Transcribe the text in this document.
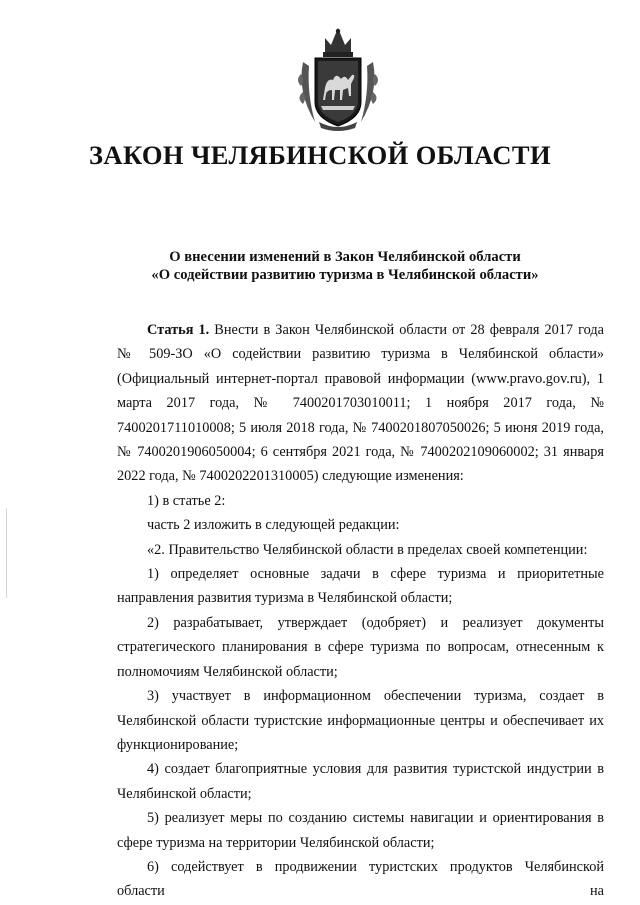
ЗАКОН ЧЕЛЯБИНСКОЙ ОБЛАСТИ
О внесении изменений в Закон Челябинской области
«О содействии развитию туризма в Челябинской области»

Статья 1. Внести в Закон Челябинской области от 28 февраля 2017 года № 509-ЗО «О содействии развитию туризма в Челябинской области» (Официальный интернет-портал правовой информации (www.pravo.gov.ru), 1 марта 2017 года, № 7400201703010011; 1 ноября 2017 года, № 7400201711010008; 5 июля 2018 года, № 7400201807050026; 5 июня 2019 года, № 7400201906050004; 6 сентября 2021 года, № 7400202109060002; 31 января 2022 года, № 7400202201310005) следующие изменения:

1) в статье 2:

часть 2 изложить в следующей редакции:

«2. Правительство Челябинской области в пределах своей компетенции:

1) определяет основные задачи в сфере туризма и приоритетные направления развития туризма в Челябинской области;

2) разрабатывает, утверждает (одобряет) и реализует документы стратегического планирования в сфере туризма по вопросам, отнесенным к полномочиям Челябинской области;

3) участвует в информационном обеспечении туризма, создает в Челябинской области туристские информационные центры и обеспечивает их функционирование;

4) создает благоприятные условия для развития туристской индустрии в Челябинской области;

5) реализует меры по созданию системы навигации и ориентирования в сфере туризма на территории Челябинской области;

6) содействует в продвижении туристских продуктов Челябинской области на
